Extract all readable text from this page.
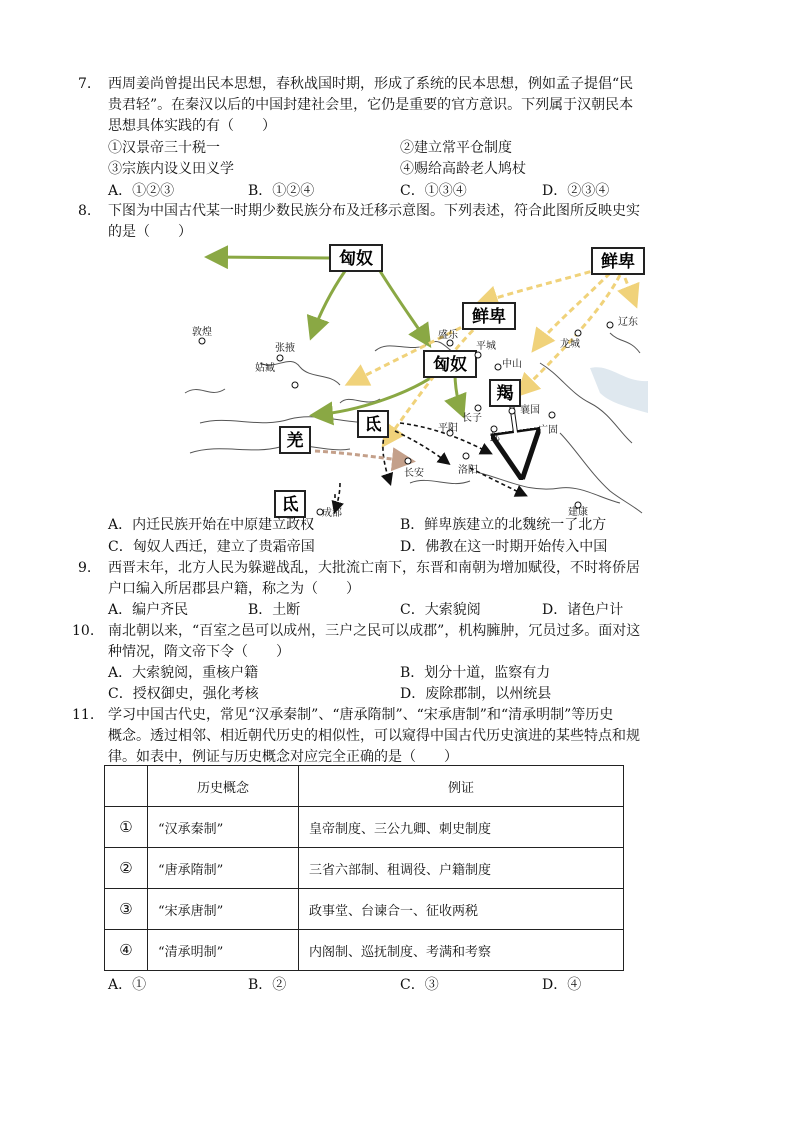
7. 西周姜尚曾提出民本思想，春秋战国时期，形成了系统的民本思想，例如孟子提倡“民
贵君轻”。在秦汉以后的中国封建社会里，它仍是重要的官方意识。下列属于汉朝民本
思想具体实践的有（　　）
①汉景帝三十税一	②建立常平仓制度
③宗族内设义田义学	④赐给高龄老人鸠杖
A．①②③	B．①②④	C．①③④	D．②③④
8. 下图为中国古代某一时期少数民族分布及迁移示意图。下列表述，符合此图所反映史实
的是（　　）
匈奴	鲜卑
鲜卑
匈奴
羯
氐
羌
氐
敦煌
张掖
姑臧
盛乐
平城
中山
龙城
辽东
长子
襄国
邺
平阳	广固
洛阳
长安
成都	建康
A．内迁民族开始在中原建立政权	B．鲜卑族建立的北魏统一了北方
C．匈奴人西迁，建立了贵霜帝国	D．佛教在这一时期开始传入中国
9. 西晋末年，北方人民为躲避战乱，大批流亡南下，东晋和南朝为增加赋役，不时将侨居
户口编入所居郡县户籍，称之为（　　）
A．编户齐民	B．土断	C．大索貌阅	D．诸色户计
10. 南北朝以来，“百室之邑可以成州，三户之民可以成郡”，机构臃肿，冗员过多。面对这
种情况，隋文帝下令（　　）
A．大索貌阅，重核户籍	B．划分十道，监察有力
C．授权御史，强化考核	D．废除郡制，以州统县
11. 学习中国古代史，常见“汉承秦制”、“唐承隋制”、“宋承唐制”和“清承明制”等历史
概念。透过相邻、相近朝代历史的相似性，可以窥得中国古代历史演进的某些特点和规
律。如表中，例证与历史概念对应完全正确的是（　　）
	历史概念	例证
①	“汉承秦制”	皇帝制度、三公九卿、刺史制度
②	“唐承隋制”	三省六部制、租调役、户籍制度
③	“宋承唐制”	政事堂、台谏合一、征收两税
④	“清承明制”	内阁制、巡抚制度、考满和考察
A．①	B．②	C．③	D．④
